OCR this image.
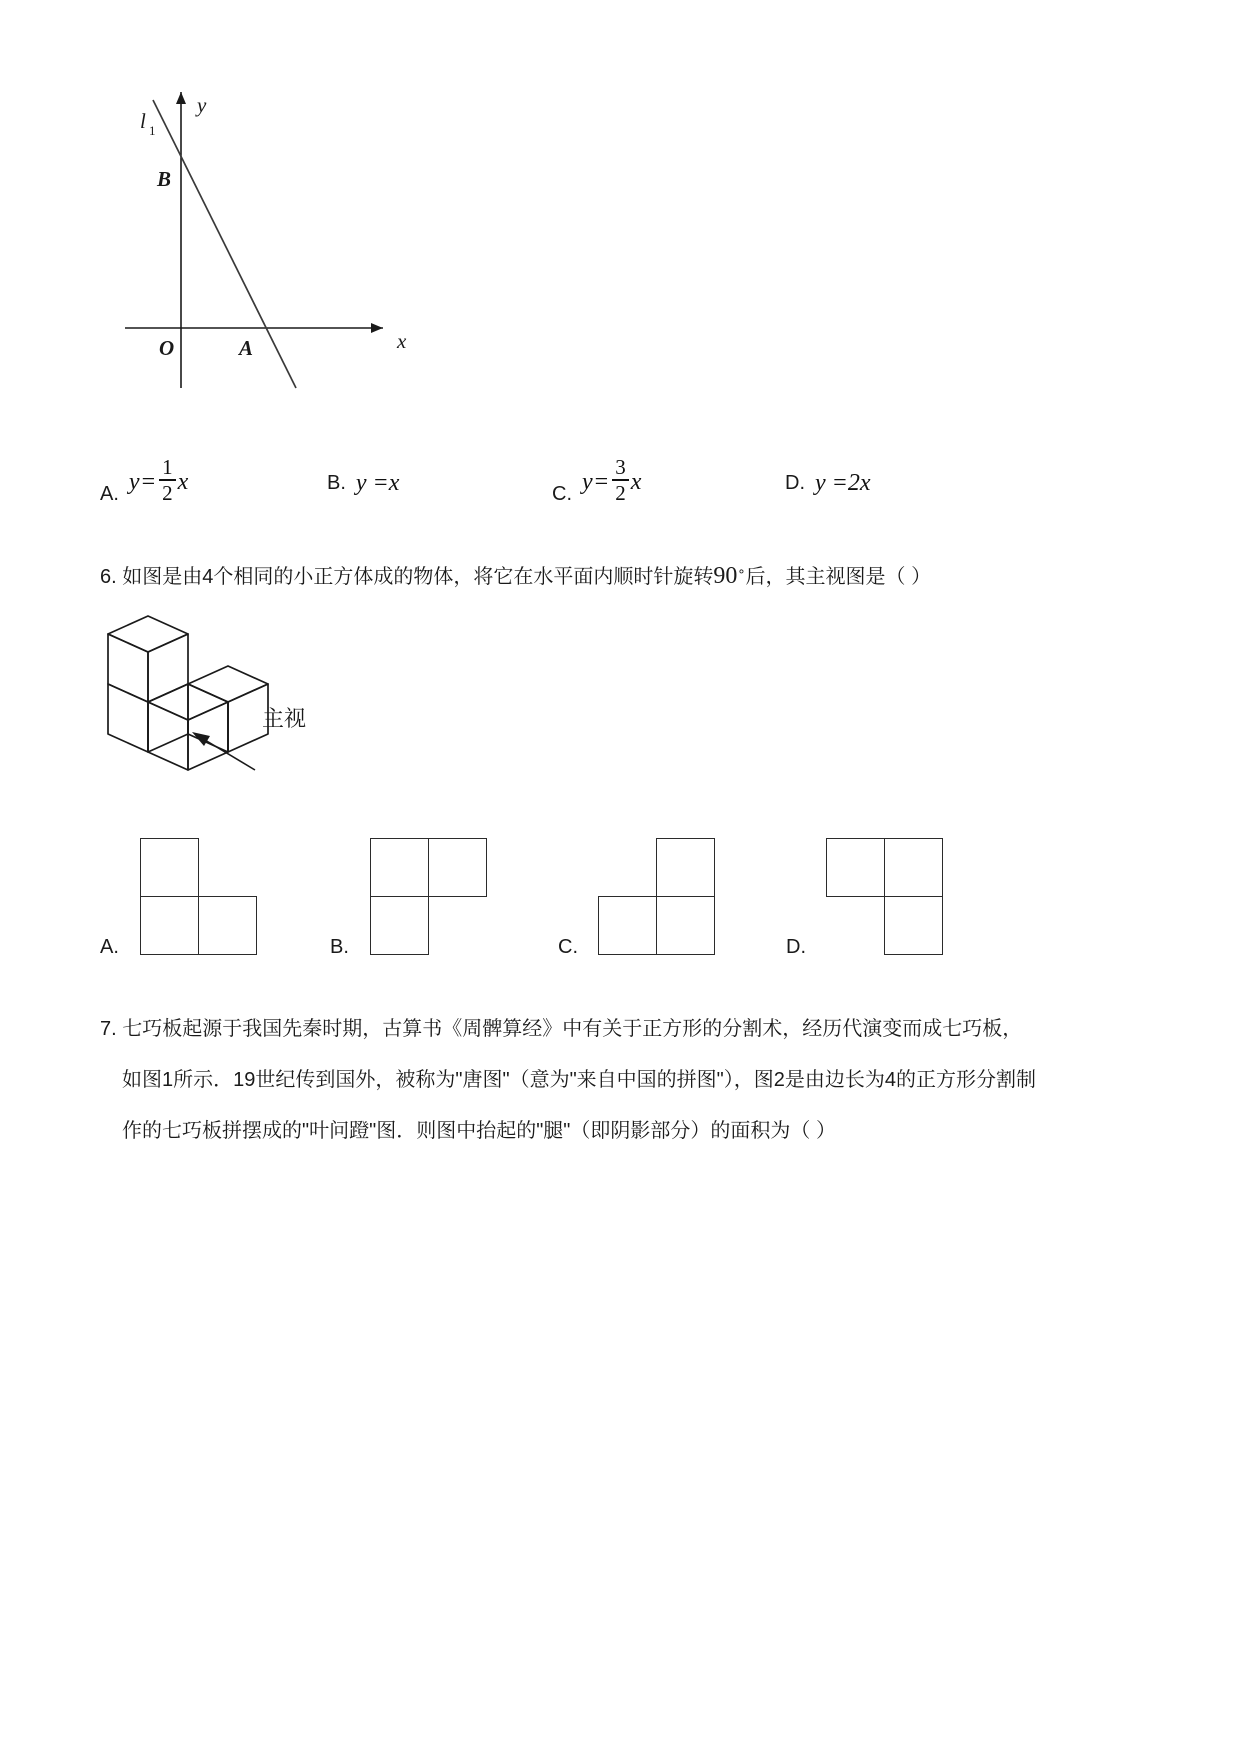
y
x
l 1
B
O	A
A. $y = \frac{1}{2}$ x	B. y =x	C. $y = \frac{3}{2}$ x	D. y =2x
6. 如图是由4个相同的小正方体成的物体，将它在水平面内顺时针旋转90∘后，其主视图是（ ）
主视
A.	B.	C.	D.
7. 七巧板起源于我国先秦时期，古算书《周髀算经》中有关于正方形的分割术，经历代演变而成七巧板，
如图1所示．19世纪传到国外，被称为"唐图"（意为"来自中国的拼图"），图2是由边长为4的正方形分割制
作的七巧板拼摆成的"叶问蹬"图．则图中抬起的"腿"（即阴影部分）的面积为（ ）
